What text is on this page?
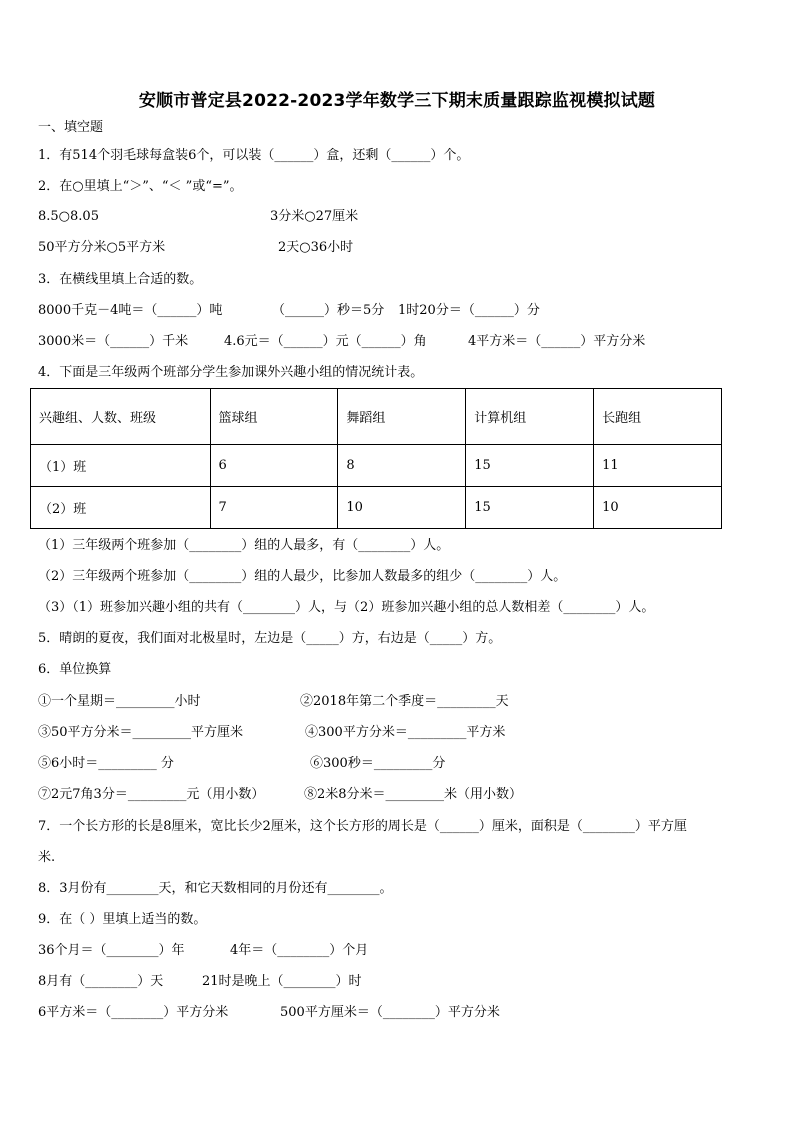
安顺市普定县2022-2023学年数学三下期末质量跟踪监视模拟试题
一、填空题
1．有514个羽毛球每盒装6个，可以装（______）盒，还剩（______）个。
2．在○里填上“＞”、“＜ ”或“=”。
8.5○8.05	3分米○27厘米
50平方分米○5平方米	2天○36小时
3．在横线里填上合适的数。
8000千克－4吨＝（______）吨	（______）秒＝5分 1时20分＝（______）分
3000米＝（______）千米	4.6元＝（______）元（______）角	4平方米＝（______）平方分米
4．下面是三年级两个班部分学生参加课外兴趣小组的情况统计表。
兴趣组、人数、班级	篮球组	舞蹈组	计算机组	长跑组
（1）班	6	8	15	11
（2）班	7	10	15	10
（1）三年级两个班参加（________）组的人最多，有（________）人。
（2）三年级两个班参加（________）组的人最少，比参加人数最多的组少（________）人。
（3）（1）班参加兴趣小组的共有（________）人，与（2）班参加兴趣小组的总人数相差（________）人。
5．晴朗的夏夜，我们面对北极星时，左边是（_____）方，右边是（_____）方。
6．单位换算
①一个星期＝_________小时	②2018年第二个季度＝_________天
③50平方分米＝_________平方厘米	④300平方分米＝_________平方米
⑤6小时＝_________ 分	⑥300秒＝_________分
⑦2元7角3分＝_________元（用小数）	⑧2米8分米＝_________米（用小数）
7．一个长方形的长是8厘米，宽比长少2厘米，这个长方形的周长是（______）厘米，面积是（________）平方厘
米.
8．3月份有________天，和它天数相同的月份还有________。
9．在（ ）里填上适当的数。
36个月＝（________）年	4年＝（________）个月
8月有（________）天	21时是晚上（________）时
6平方米＝（________）平方分米	500平方厘米＝（________）平方分米
